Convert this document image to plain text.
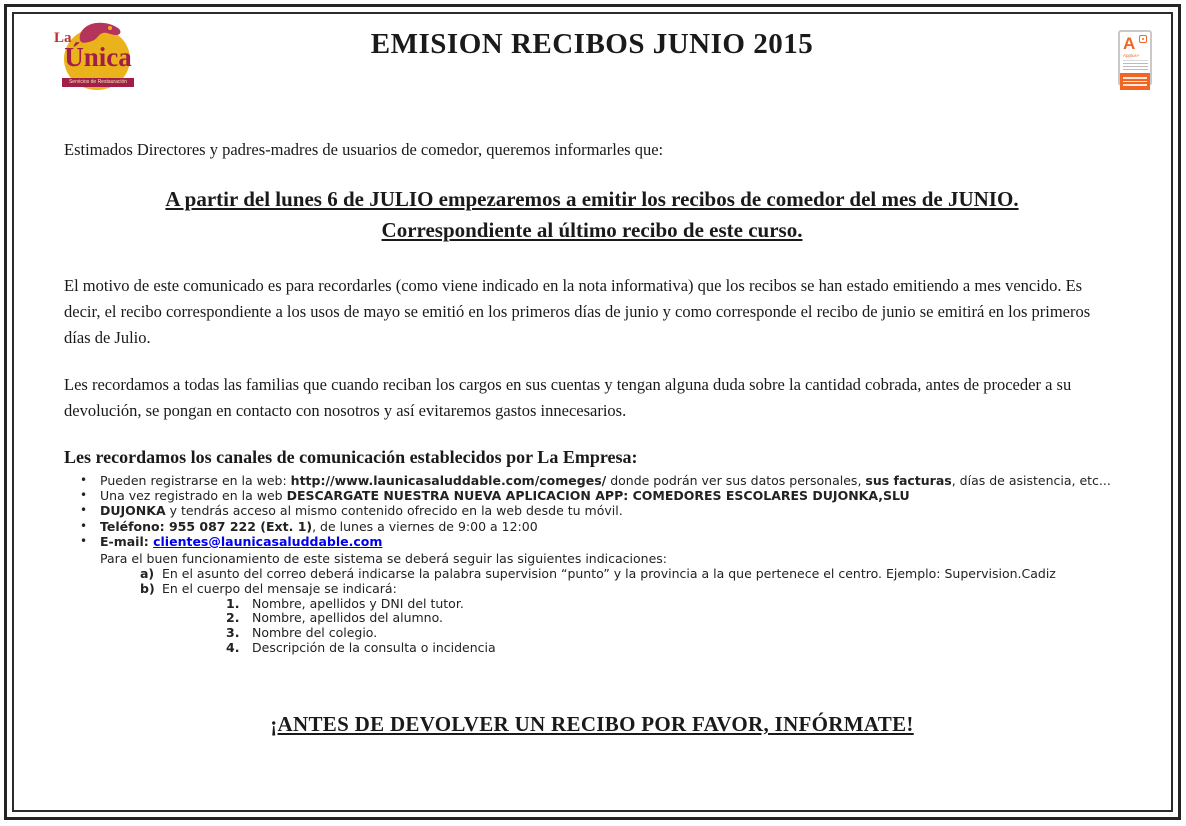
La
Única
Servicios de Restauración
EMISION RECIBOS JUNIO 2015	A
Applus+

Estimados Directores y padres-madres de usuarios de comedor, queremos informarles que:

A partir del lunes 6 de JULIO empezaremos a emitir los recibos de comedor del mes de JUNIO.
Correspondiente al último recibo de este curso.

El motivo de este comunicado es para recordarles (como viene indicado en la nota informativa) que los recibos se han estado emitiendo a mes vencido. Es decir, el recibo correspondiente a los usos de mayo se emitió en los primeros días de junio y como corresponde el recibo de junio se emitirá en los primeros días de Julio.

Les recordamos a todas las familias que cuando reciban los cargos en sus cuentas y tengan alguna duda sobre la cantidad cobrada, antes de proceder a su devolución, se pongan en contacto con nosotros y así evitaremos gastos innecesarios.

Les recordamos los canales de comunicación establecidos por La Empresa:
• Pueden registrarse en la web: http://www.launicasaluddable.com/comeges/ donde podrán ver sus datos personales, sus facturas, días de asistencia, etc...
• Una vez registrado en la web DESCARGATE NUESTRA NUEVA APLICACION APP: COMEDORES ESCOLARES DUJONKA,SLU
• DUJONKA y tendrás acceso al mismo contenido ofrecido en la web desde tu móvil.
• Teléfono: 955 087 222 (Ext. 1), de lunes a viernes de 9:00 a 12:00
• E-mail: clientes@launicasaluddable.com

Para el buen funcionamiento de este sistema se deberá seguir las siguientes indicaciones:

a) En el asunto del correo deberá indicarse la palabra supervision “punto” y la provincia a la que pertenece el centro. Ejemplo: Supervision.Cadiz
b) En el cuerpo del mensaje se indicará:
1. Nombre, apellidos y DNI del tutor.
2. Nombre, apellidos del alumno.
3. Nombre del colegio.
4. Descripción de la consulta o incidencia
¡ANTES DE DEVOLVER UN RECIBO POR FAVOR, INFÓRMATE!
